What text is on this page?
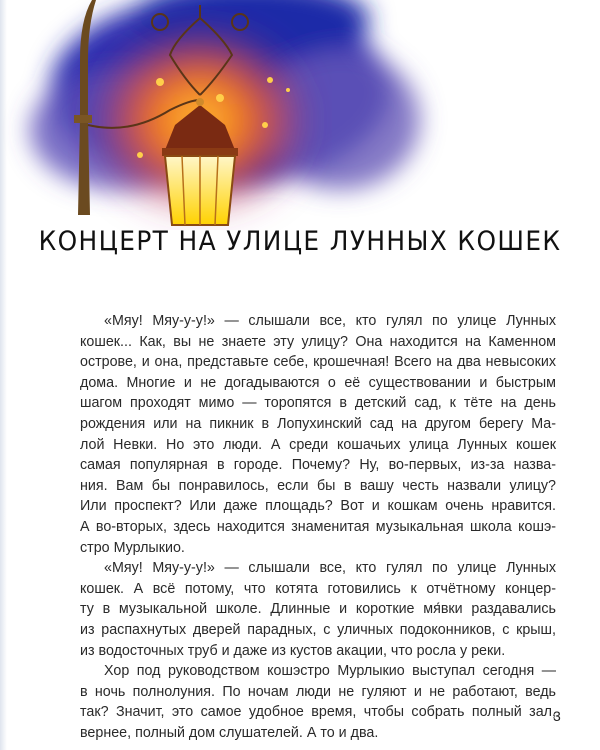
КОНЦЕРТ НА УЛИЦЕ ЛУННЫХ КОШЕК
«Мяу! Мяу-у-у!» — слышали все, кто гулял по улице Лунных
кошек... Как, вы не знаете эту улицу? Она находится на Каменном
острове, и она, представьте себе, крошечная! Всего на два невысоких
дома. Многие и не догадываются о её существовании и быстрым
шагом проходят мимо — торопятся в детский сад, к тёте на день
рождения или на пикник в Лопухинский сад на другом берегу Ма-
лой Невки. Но это люди. А среди кошачьих улица Лунных кошек
самая популярная в городе. Почему? Ну, во-первых, из-за назва-
ния. Вам бы понравилось, если бы в вашу честь назвали улицу?
Или проспект? Или даже площадь? Вот и кошкам очень нравится.
А во-вторых, здесь находится знаменитая музыкальная школа кошэ-
стро Мурлыкио.
«Мяу! Мяу-у-у!» — слышали все, кто гулял по улице Лунных
кошек. А всё потому, что котята готовились к отчётному концер-
ту в музыкальной школе. Длинные и короткие мя́вки раздавались
из распахнутых дверей парадных, с уличных подоконников, с крыш,
из водосточных труб и даже из кустов акации, что росла у реки.
Хор под руководством кошэстро Мурлыкио выступал сегодня —
в ночь полнолуния. По ночам люди не гуляют и не работают, ведь
так? Значит, это самое удобное время, чтобы собрать полный зал,
вернее, полный дом слушателей. А то и два.
3
